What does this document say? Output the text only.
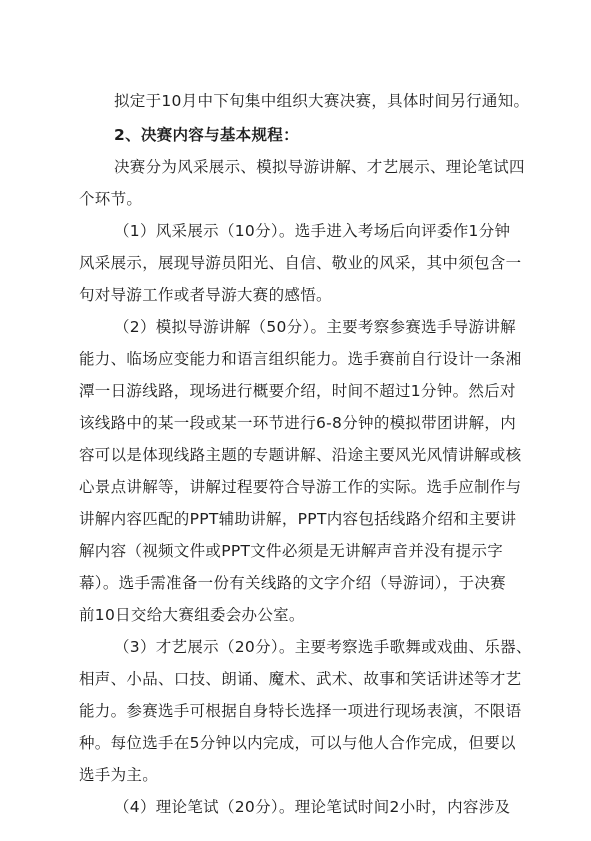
拟定于10月中下旬集中组织大赛决赛，具体时间另行通知。
2、决赛内容与基本规程：
决赛分为风采展示、模拟导游讲解、才艺展示、理论笔试四
个环节。
（1）风采展示（10分）。选手进入考场后向评委作1分钟
风采展示，展现导游员阳光、自信、敬业的风采，其中须包含一
句对导游工作或者导游大赛的感悟。
（2）模拟导游讲解（50分）。主要考察参赛选手导游讲解
能力、临场应变能力和语言组织能力。选手赛前自行设计一条湘
潭一日游线路，现场进行概要介绍，时间不超过1分钟。然后对
该线路中的某一段或某一环节进行6-8分钟的模拟带团讲解，内
容可以是体现线路主题的专题讲解、沿途主要风光风情讲解或核
心景点讲解等，讲解过程要符合导游工作的实际。选手应制作与
讲解内容匹配的PPT辅助讲解，PPT内容包括线路介绍和主要讲
解内容（视频文件或PPT文件必须是无讲解声音并没有提示字
幕）。选手需准备一份有关线路的文字介绍（导游词），于决赛
前10日交给大赛组委会办公室。
（3）才艺展示（20分）。主要考察选手歌舞或戏曲、乐器、
相声、小品、口技、朗诵、魔术、武术、故事和笑话讲述等才艺
能力。参赛选手可根据自身特长选择一项进行现场表演，不限语
种。每位选手在5分钟以内完成，可以与他人合作完成，但要以
选手为主。
（4）理论笔试（20分）。理论笔试时间2小时，内容涉及
